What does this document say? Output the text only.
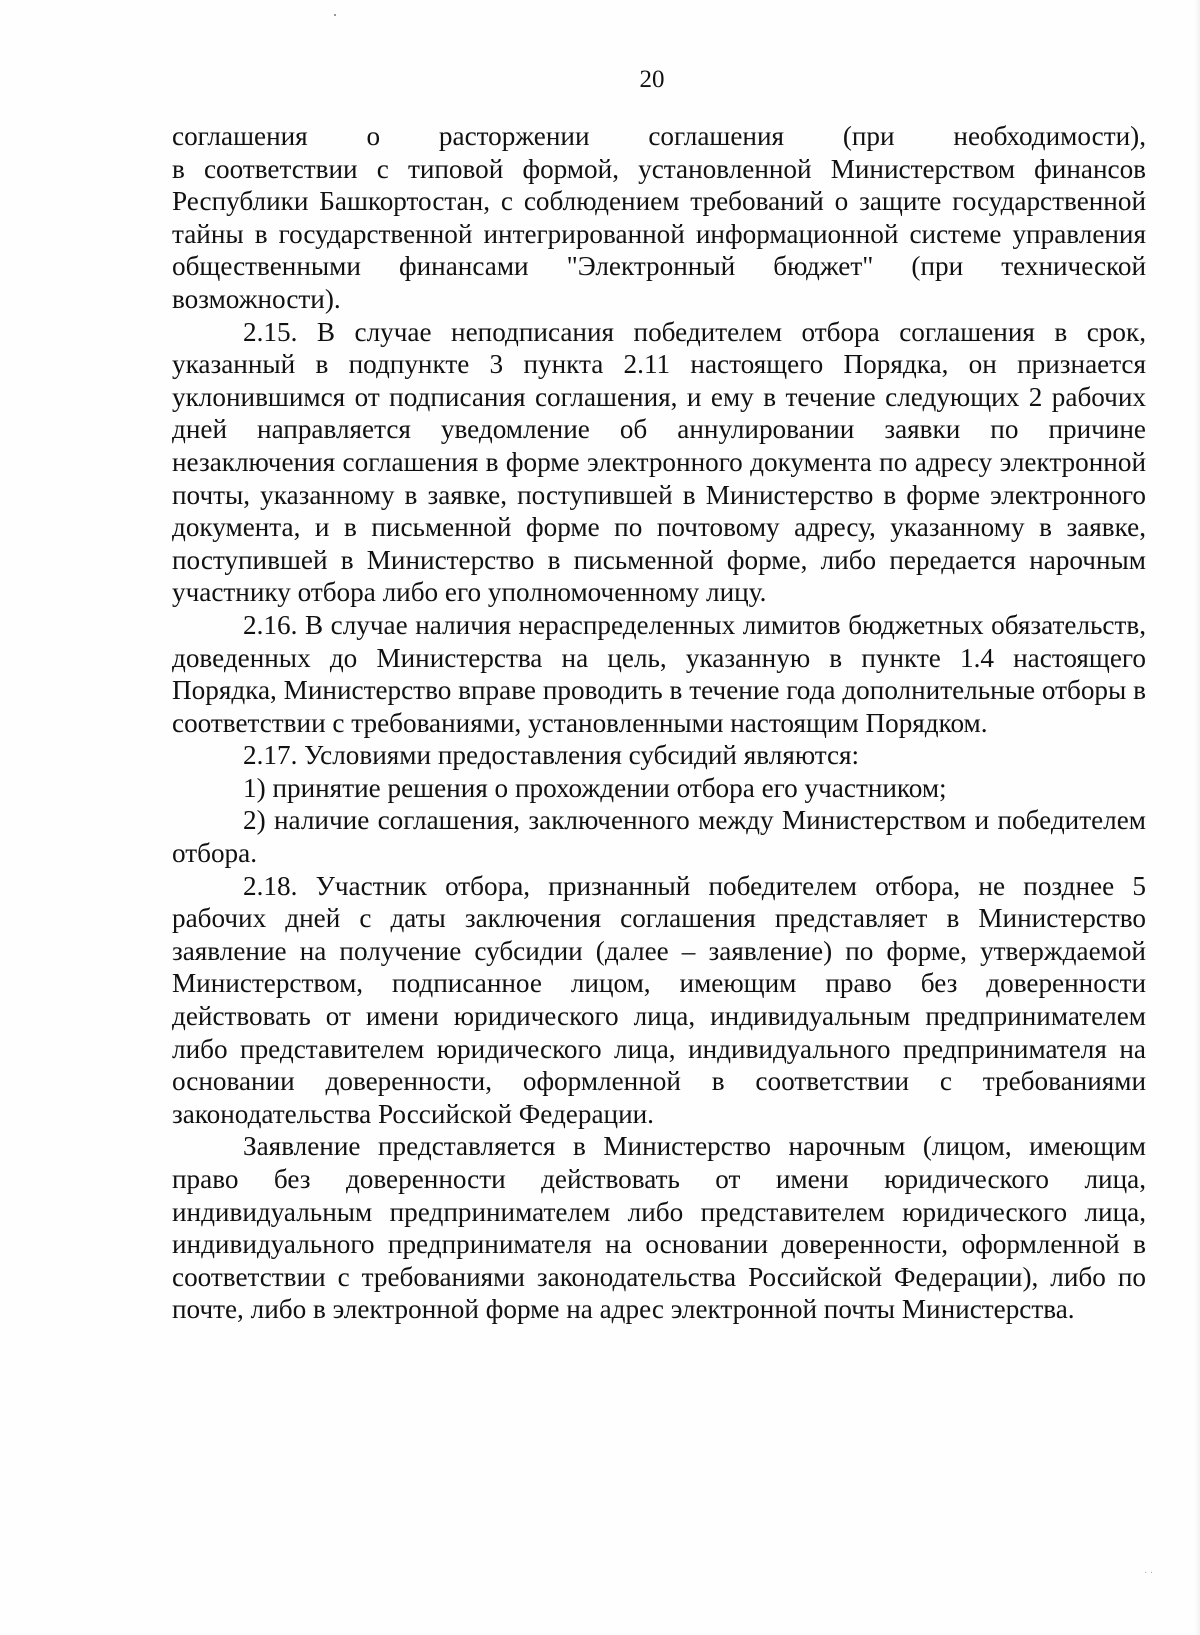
20

соглашения о расторжении соглашения (при необходимости),

в соответствии с типовой формой, установленной Министерством финансов Республики Башкортостан, с соблюдением требований о защите государственной тайны в государственной интегрированной информационной системе управления общественными финансами "Электронный бюджет" (при технической возможности).

2.15. В случае неподписания победителем отбора соглашения в срок, указанный в подпункте 3 пункта 2.11 настоящего Порядка, он признается уклонившимся от подписания соглашения, и ему в течение следующих 2 рабочих дней направляется уведомление об аннулировании заявки по причине незаключения соглашения в форме электронного документа по адресу электронной почты, указанному в заявке, поступившей в Министерство в форме электронного документа, и в письменной форме по почтовому адресу, указанному в заявке, поступившей в Министерство в письменной форме, либо передается нарочным участнику отбора либо его уполномоченному лицу.

2.16. В случае наличия нераспределенных лимитов бюджетных обязательств, доведенных до Министерства на цель, указанную в пункте 1.4 настоящего Порядка, Министерство вправе проводить в течение года дополнительные отборы в соответствии с требованиями, установленными настоящим Порядком.

2.17. Условиями предоставления субсидий являются:

1) принятие решения о прохождении отбора его участником;

2) наличие соглашения, заключенного между Министерством и победителем отбора.

2.18. Участник отбора, признанный победителем отбора, не позднее 5 рабочих дней с даты заключения соглашения представляет в Министерство заявление на получение субсидии (далее – заявление) по форме, утверждаемой Министерством, подписанное лицом, имеющим право без доверенности действовать от имени юридического лица, индивидуальным предпринимателем либо представителем юридического лица, индивидуального предпринимателя на основании доверенности, оформленной в соответствии с требованиями законодательства Российской Федерации.

Заявление представляется в Министерство нарочным (лицом, имеющим право без доверенности действовать от имени юридического лица, индивидуальным предпринимателем либо представителем юридического лица, индивидуального предпринимателя на основании доверенности, оформленной в соответствии с требованиями законодательства Российской Федерации), либо по почте, либо в электронной форме на адрес электронной почты Министерства.

· ·
